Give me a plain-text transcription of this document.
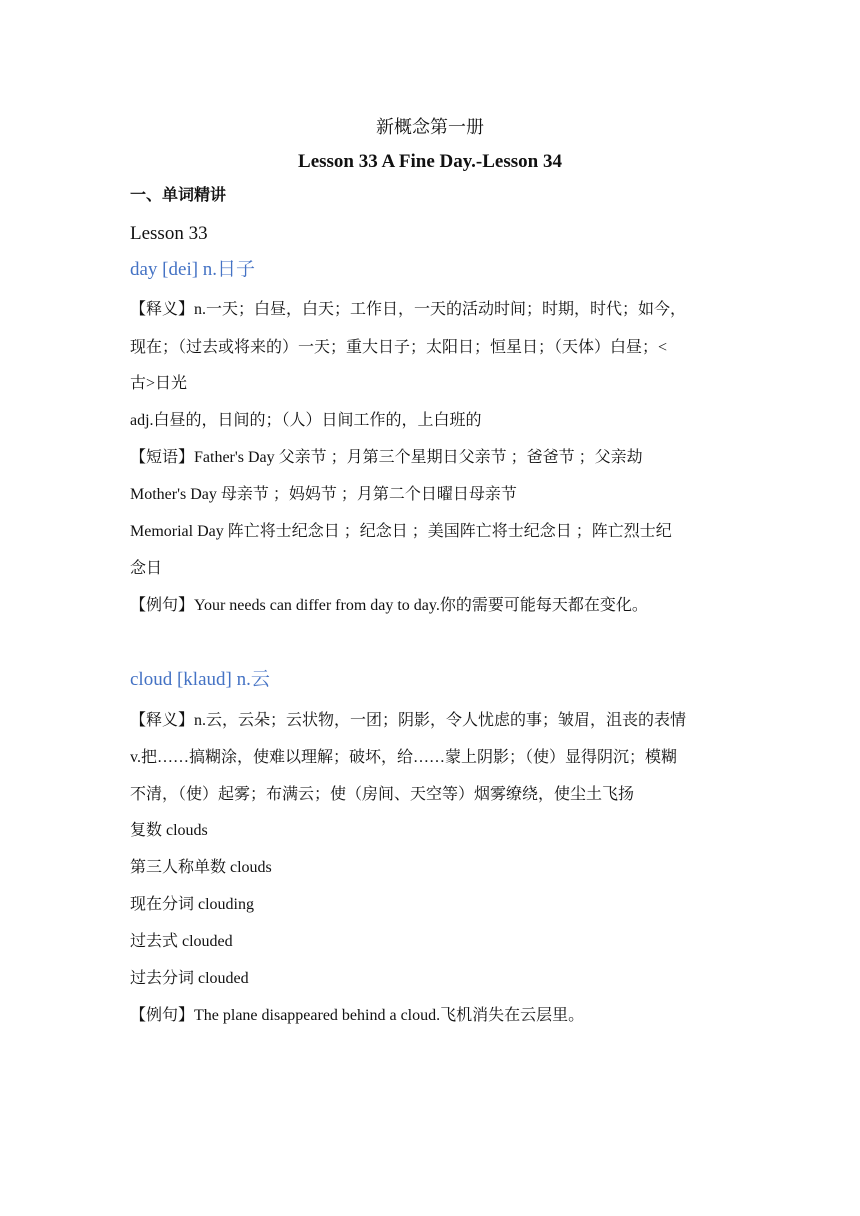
新概念第一册
Lesson 33 A Fine Day.-Lesson 34
一、单词精讲
Lesson 33
day [dei] n.日子
【释义】n.一天；白昼，白天；工作日，一天的活动时间；时期，时代；如今，
现在；（过去或将来的）一天；重大日子；太阳日；恒星日；（天体）白昼；<
古>日光
adj.白昼的，日间的；（人）日间工作的，上白班的
【短语】Father's Day 父亲节 ；月第三个星期日父亲节 ；爸爸节 ；父亲劫
Mother's Day 母亲节 ；妈妈节 ；月第二个日曜日母亲节
Memorial Day 阵亡将士纪念日 ；纪念日 ；美国阵亡将士纪念日 ；阵亡烈士纪
念日
【例句】Your needs can differ from day to day.你的需要可能每天都在变化。
cloud [klaud] n.云
【释义】n.云，云朵；云状物，一团；阴影，令人忧虑的事；皱眉，沮丧的表情
v.把……搞糊涂，使难以理解；破坏，给……蒙上阴影；（使）显得阴沉；模糊
不清，（使）起雾；布满云；使（房间、天空等）烟雾缭绕，使尘土飞扬
复数 clouds
第三人称单数 clouds
现在分词 clouding
过去式 clouded
过去分词 clouded
【例句】The plane disappeared behind a cloud.飞机消失在云层里。
